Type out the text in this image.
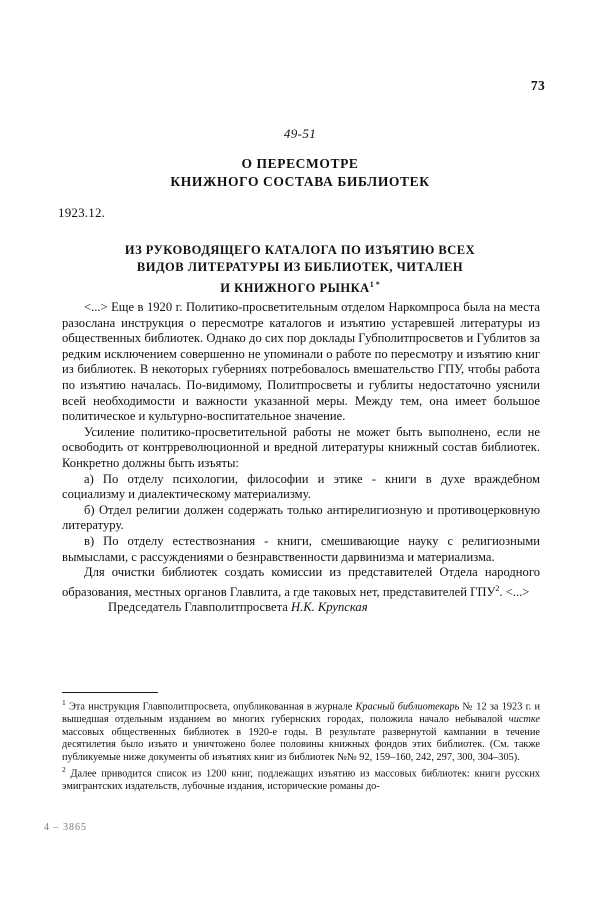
73
49-51
О ПЕРЕСМОТРЕ
КНИЖНОГО СОСТАВА БИБЛИОТЕК
1923.12.
ИЗ РУКОВОДЯЩЕГО КАТАЛОГА ПО ИЗЪЯТИЮ ВСЕХ
ВИДОВ ЛИТЕРАТУРЫ ИЗ БИБЛИОТЕК, ЧИТАЛЕН
И КНИЖНОГО $РЫНКА^{1 *}$

<...> Еще в 1920 г. Политико-просветительным отделом Наркомпроса была на места разослана инструкция о пересмотре каталогов и изъятию устаревшей литературы из общественных библиотек. Однако до сих пор доклады Губполитпросветов и Гублитов за редким исключением совершенно не упоминали о работе по пересмотру и изъятию книг из библиотек. В некоторых губерниях потребовалось вмешательство ГПУ, чтобы работа по изъятию началась. По-видимому, Политпросветы и гублиты недостаточно уяснили всей необходимости и важности указанной меры. Между тем, она имеет большое политическое и культурно-воспитательное значение.

Усиление политико-просветительной работы не может быть выполнено, если не освободить от контрреволюционной и вредной литературы книжный состав библиотек. Конкретно должны быть изъяты:

а) По отделу психологии, философии и этике - книги в духе враждебном социализму и диалектическому материализму.

б) Отдел религии должен содержать только антирелигиозную и противоцерковную литературу.

в) По отделу естествознания - книги, смешивающие науку с религиозными вымыслами, с рассуждениями о безнравственности дарвинизма и материализма.

Для очистки библиотек создать комиссии из представителей Отдела народного образования, местных органов Главлита, а где таковых нет, представителей $ГПУ^2$. <...>

Председатель Главполитпросвета Н.К. Крупская

$^1$ Эта инструкция Главполитпросвета, опубликованная в журнале Красный библиотекарь № 12 за 1923 г. и вышедшая отдельным изданием во многих губернских городах, положила начало небывалой чистке массовых общественных библиотек в 1920-е годы. В результате развернутой кампании в течение десятилетия было изъято и уничтожено более половины книжных фондов этих библиотек. (См. также публикуемые ниже документы об изъятиях книг из библиотек №№ 92, 159–160, 242, 297, 300, 304–305).

$^2$ Далее приводится список из 1200 книг, подлежащих изъятию из массовых библиотек: книги русских эмигрантских издательств, лубочные издания, исторические романы до-

4 – 3865
